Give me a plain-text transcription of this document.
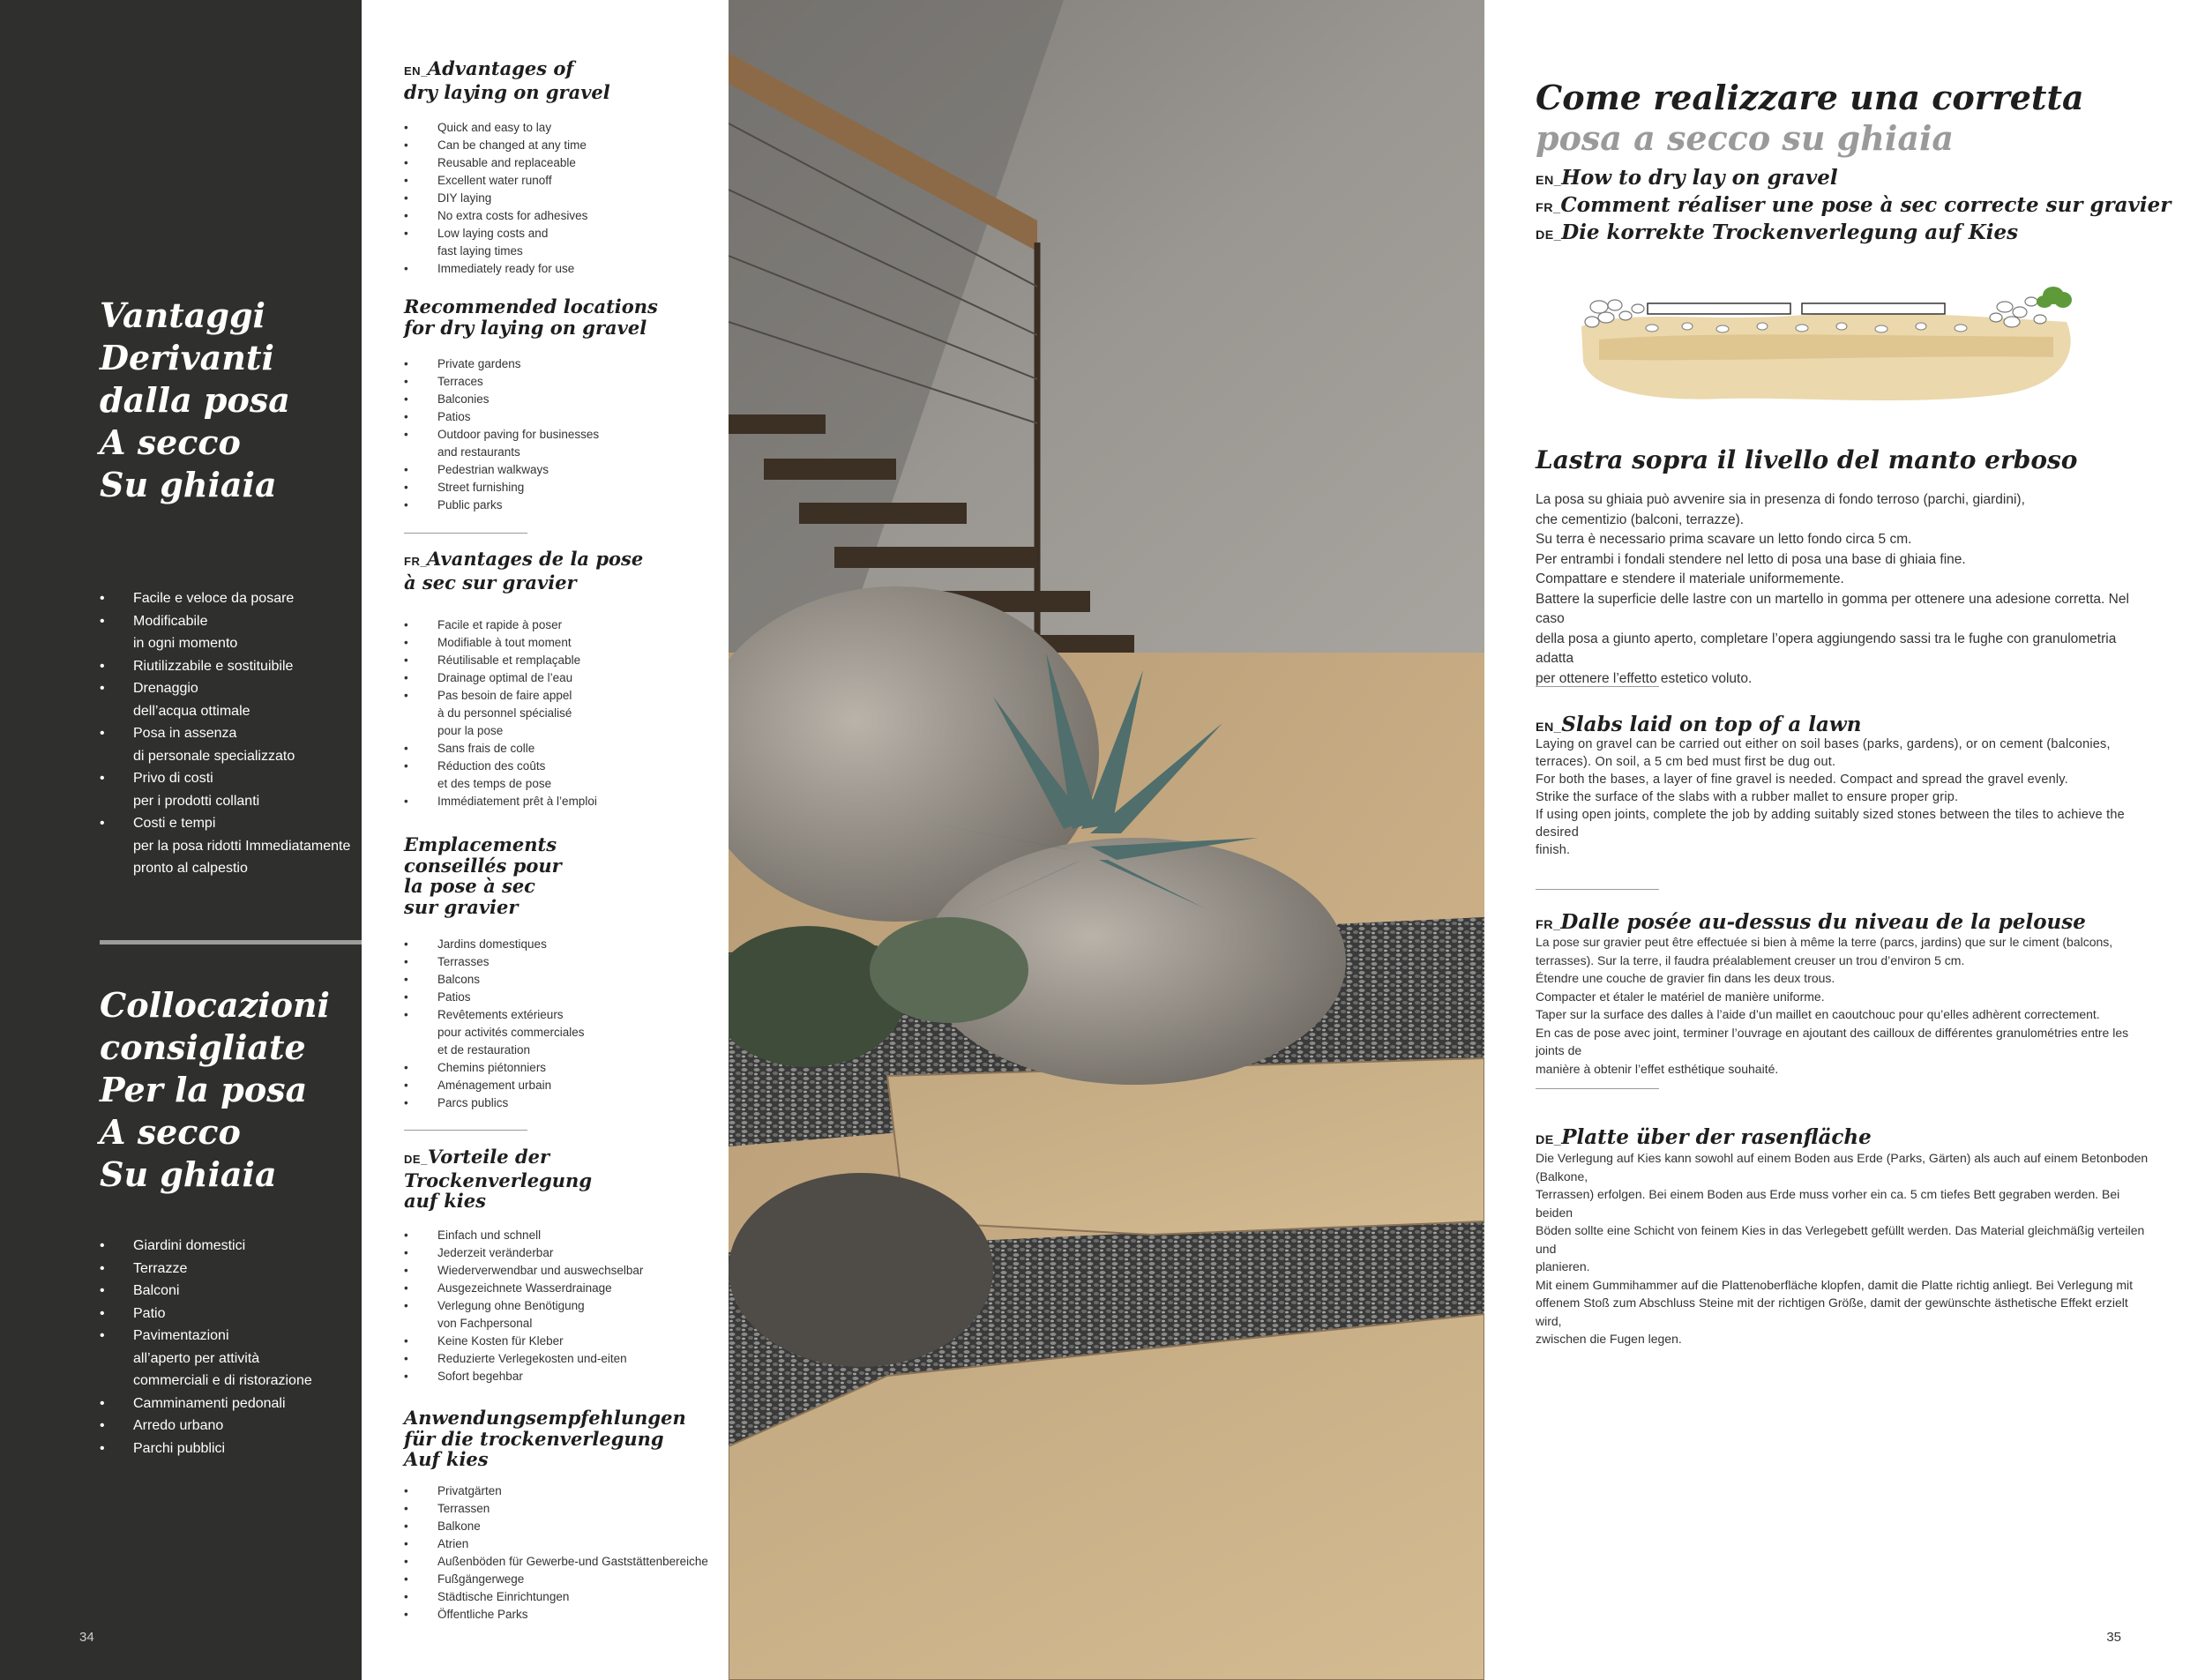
Vantaggi
Derivanti
dalla posa
A secco
Su ghiaia
• Facile e veloce da posare
• Modificabile
in ogni momento
• Riutilizzabile e sostituibile
• Drenaggio
dell’acqua ottimale
• Posa in assenza
di personale specializzato
• Privo di costi
per i prodotti collanti
• Costi e tempi
per la posa ridotti Immediatamente
pronto al calpestio
Collocazioni
consigliate
Per la posa
A secco
Su ghiaia
• Giardini domestici
• Terrazze
• Balconi
• Patio
• Pavimentazioni
all’aperto per attività
commerciali e di ristorazione
• Camminamenti pedonali
• Arredo urbano
• Parchi pubblici
34
EN_Advantages of
dry laying on gravel
• Quick and easy to lay
• Can be changed at any time
• Reusable and replaceable
• Excellent water runoff
• DIY laying
• No extra costs for adhesives
• Low laying costs and
fast laying times
• Immediately ready for use
Recommended locations
for dry laying on gravel
• Private gardens
• Terraces
• Balconies
• Patios
• Outdoor paving for businesses
and restaurants
• Pedestrian walkways
• Street furnishing
• Public parks
FR_Avantages de la pose
à sec sur gravier
• Facile et rapide à poser
• Modifiable à tout moment
• Réutilisable et remplaçable
• Drainage optimal de l’eau
• Pas besoin de faire appel
à du personnel spécialisé
pour la pose
• Sans frais de colle
• Réduction des coûts
et des temps de pose
• Immédiatement prêt à l’emploi
Emplacements
conseillés pour
la pose à sec
sur gravier
• Jardins domestiques
• Terrasses
• Balcons
• Patios
• Revêtements extérieurs
pour activités commerciales
et de restauration
• Chemins piétonniers
• Aménagement urbain
• Parcs publics
DE_Vorteile der
Trockenverlegung
auf kies
• Einfach und schnell
• Jederzeit veränderbar
• Wiederverwendbar und auswechselbar
• Ausgezeichnete Wasserdrainage
• Verlegung ohne Benötigung
von Fachpersonal
• Keine Kosten für Kleber
• Reduzierte Verlegekosten und-eiten
• Sofort begehbar
Anwendungsempfehlungen
für die trockenverlegung
Auf kies
• Privatgärten
• Terrassen
• Balkone
• Atrien
• Außenböden für Gewerbe-und Gaststättenbereiche
• Fußgängerwege
• Städtische Einrichtungen
• Öffentliche Parks
Come realizzare una corretta
posa a secco su ghiaia
EN_How to dry lay on gravel
FR_Comment réaliser une pose à sec correcte sur gravier
DE_Die korrekte Trockenverlegung auf Kies
Lastra sopra il livello del manto erboso

La posa su ghiaia può avvenire sia in presenza di fondo terroso (parchi, giardini),

che cementizio (balconi, terrazze).

Su terra è necessario prima scavare un letto fondo circa 5 cm.

Per entrambi i fondali stendere nel letto di posa una base di ghiaia fine.

Compattare e stendere il materiale uniformemente.

Battere la superficie delle lastre con un martello in gomma per ottenere una adesione corretta. Nel caso

della posa a giunto aperto, completare l’opera aggiungendo sassi tra le fughe con granulometria adatta

per ottenere l’effetto estetico voluto.

EN_Slabs laid on top of a lawn

Laying on gravel can be carried out either on soil bases (parks, gardens), or on cement (balconies,

terraces). On soil, a 5 cm bed must first be dug out.

For both the bases, a layer of fine gravel is needed. Compact and spread the gravel evenly.

Strike the surface of the slabs with a rubber mallet to ensure proper grip.

If using open joints, complete the job by adding suitably sized stones between the tiles to achieve the desired

finish.

FR_Dalle posée au-dessus du niveau de la pelouse

La pose sur gravier peut être effectuée si bien à même la terre (parcs, jardins) que sur le ciment (balcons,

terrasses). Sur la terre, il faudra préalablement creuser un trou d’environ 5 cm.

Étendre une couche de gravier fin dans les deux trous.

Compacter et étaler le matériel de manière uniforme.

Taper sur la surface des dalles à l’aide d’un maillet en caoutchouc pour qu’elles adhèrent correctement.

En cas de pose avec joint, terminer l’ouvrage en ajoutant des cailloux de différentes granulométries entre les joints de

manière à obtenir l’effet esthétique souhaité.

DE_Platte über der rasenfläche

Die Verlegung auf Kies kann sowohl auf einem Boden aus Erde (Parks, Gärten) als auch auf einem Betonboden (Balkone,

Terrassen) erfolgen. Bei einem Boden aus Erde muss vorher ein ca. 5 cm tiefes Bett gegraben werden. Bei beiden

Böden sollte eine Schicht von feinem Kies in das Verlegebett gefüllt werden. Das Material gleichmäßig verteilen und

planieren.

Mit einem Gummihammer auf die Plattenoberfläche klopfen, damit die Platte richtig anliegt. Bei Verlegung mit

offenem Stoß zum Abschluss Steine mit der richtigen Größe, damit der gewünschte ästhetische Effekt erzielt wird,

zwischen die Fugen legen.

35
